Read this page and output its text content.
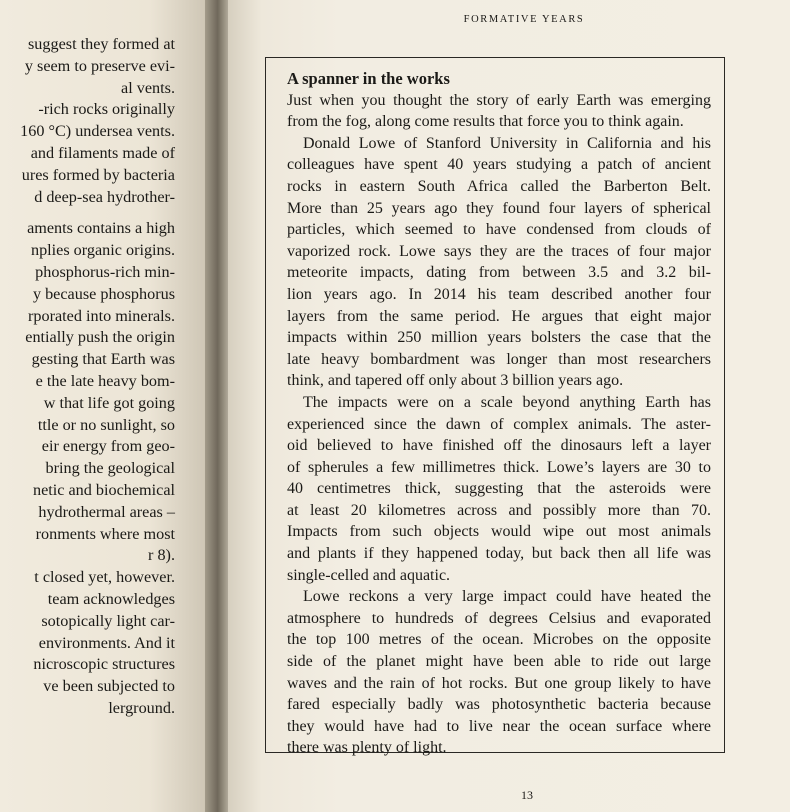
suggest they formed at
y seem to preserve evi-
al vents.
-rich rocks originally
160 °C) undersea vents.
and filaments made of
ures formed by bacteria
d deep-sea hydrother-
aments contains a high
nplies organic origins.
phosphorus-rich min-
y because phosphorus
rporated into minerals.
entially push the origin
gesting that Earth was
e the late heavy bom-
w that life got going
ttle or no sunlight, so
eir energy from geo-
bring the geological
netic and biochemical
hydrothermal areas –
ronments where most
r 8).
t closed yet, however.
team acknowledges
sotopically light car-
environments. And it
nicroscopic structures
ve been subjected to
lerground.
FORMATIVE YEARS
A spanner in the works
Just when you thought the story of early Earth was emerging
from the fog, along come results that force you to think again.
Donald Lowe of Stanford University in California and his
colleagues have spent 40 years studying a patch of ancient
rocks in eastern South Africa called the Barberton Belt.
More than 25 years ago they found four layers of spherical
particles, which seemed to have condensed from clouds of
vaporized rock. Lowe says they are the traces of four major
meteorite impacts, dating from between 3.5 and 3.2 bil-
lion years ago. In 2014 his team described another four
layers from the same period. He argues that eight major
impacts within 250 million years bolsters the case that the
late heavy bombardment was longer than most researchers
think, and tapered off only about 3 billion years ago.
The impacts were on a scale beyond anything Earth has
experienced since the dawn of complex animals. The aster-
oid believed to have finished off the dinosaurs left a layer
of spherules a few millimetres thick. Lowe’s layers are 30 to
40 centimetres thick, suggesting that the asteroids were
at least 20 kilometres across and possibly more than 70.
Impacts from such objects would wipe out most animals
and plants if they happened today, but back then all life was
single-celled and aquatic.
Lowe reckons a very large impact could have heated the
atmosphere to hundreds of degrees Celsius and evaporated
the top 100 metres of the ocean. Microbes on the opposite
side of the planet might have been able to ride out large
waves and the rain of hot rocks. But one group likely to have
fared especially badly was photosynthetic bacteria because
they would have had to live near the ocean surface where
there was plenty of light.
13
